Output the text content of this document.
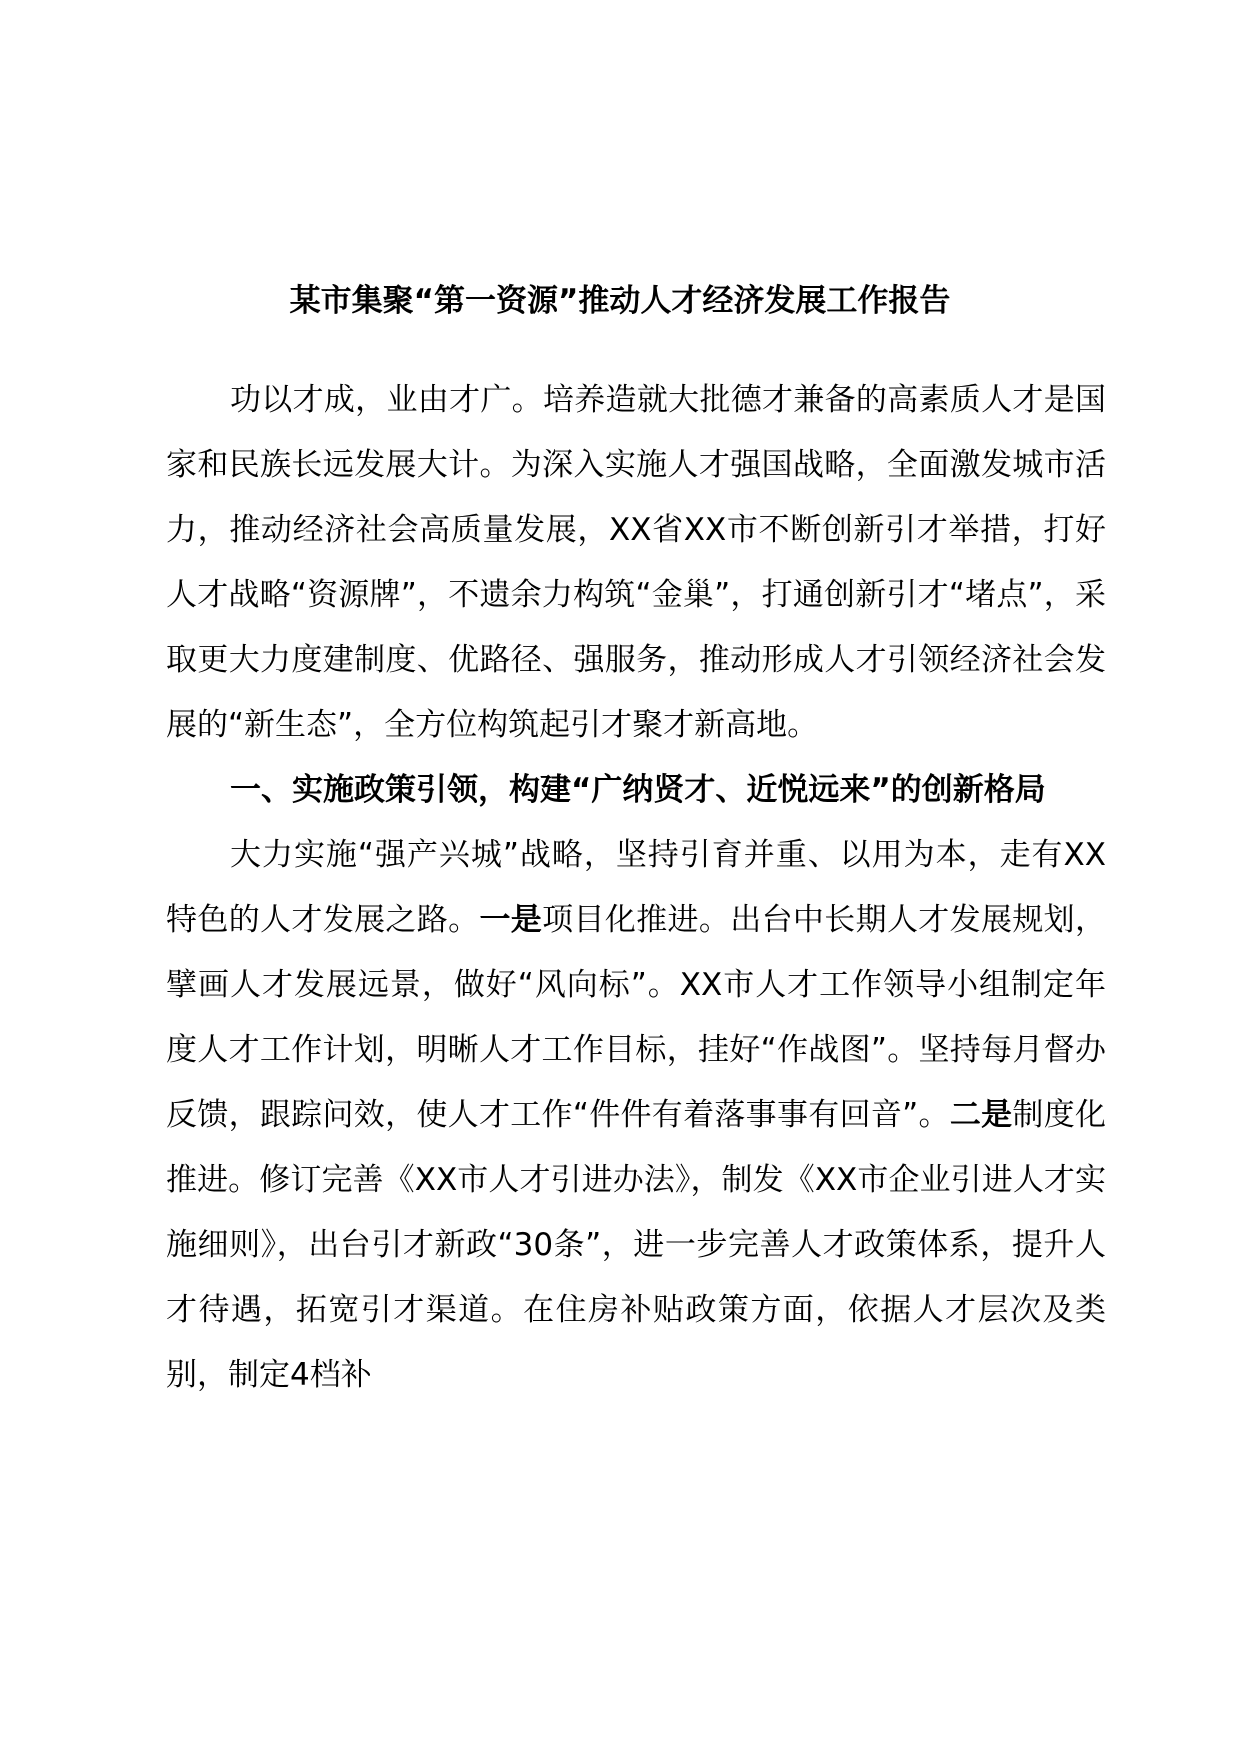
某市集聚“第一资源”推动人才经济发展工作报告

功以才成，业由才广。培养造就大批德才兼备的高素质人才是国家和民族长远发展大计。为深入实施人才强国战略，全面激发城市活力，推动经济社会高质量发展，XX省XX市不断创新引才举措，打好人才战略“资源牌”，不遗余力构筑“金巢”，打通创新引才“堵点”，采取更大力度建制度、优路径、强服务，推动形成人才引领经济社会发展的“新生态”，全方位构筑起引才聚才新高地。

一、实施政策引领，构建“广纳贤才、近悦远来”的创新格局

大力实施“强产兴城”战略，坚持引育并重、以用为本，走有XX特色的人才发展之路。一是项目化推进。出台中长期人才发展规划，擘画人才发展远景，做好“风向标”。XX市人才工作领导小组制定年度人才工作计划，明晰人才工作目标，挂好“作战图”。坚持每月督办反馈，跟踪问效，使人才工作“件件有着落事事有回音”。二是制度化推进。修订完善《XX市人才引进办法》，制发《XX市企业引进人才实施细则》，出台引才新政“30条”，进一步完善人才政策体系，提升人才待遇，拓宽引才渠道。在住房补贴政策方面，依据人才层次及类别，制定4档补
